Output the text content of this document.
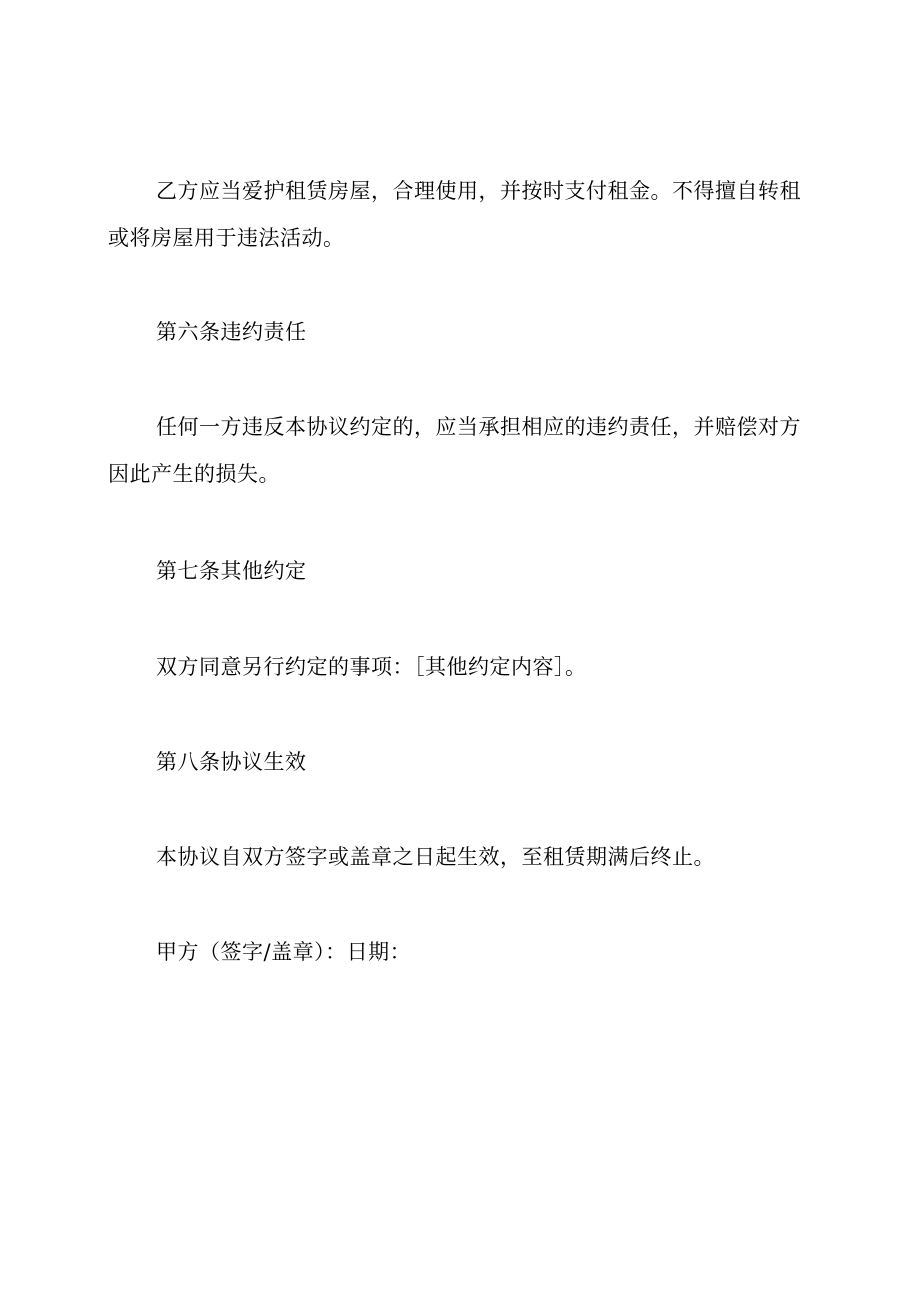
乙方应当爱护租赁房屋，合理使用，并按时支付租金。不得擅自转租或将房屋用于违法活动。

第六条违约责任

任何一方违反本协议约定的，应当承担相应的违约责任，并赔偿对方因此产生的损失。

第七条其他约定

双方同意另行约定的事项：［其他约定内容］。

第八条协议生效

本协议自双方签字或盖章之日起生效，至租赁期满后终止。

甲方（签字/盖章）：日期：
